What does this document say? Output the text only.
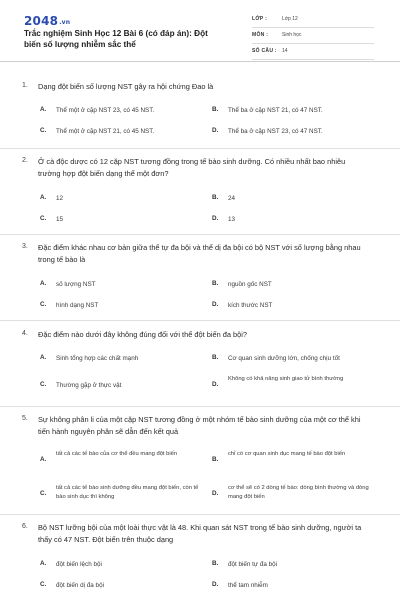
2048.vn
Trắc nghiệm Sinh Học 12 Bài 6 (có đáp án): Đột biến số lượng nhiễm sắc thể
LỚP :	Lớp 12
MÔN :	Sinh học
SỐ CÂU : 14
1. Dạng đột biến số lượng NST gây ra hội chứng Đao là
A. Thể một ở cặp NST 23, có 45 NST.	B. Thể ba ở cặp NST 21, có 47 NST.
C. Thể một ở cặp NST 21, có 45 NST.	D. Thể ba ở cặp NST 23, có 47 NST.
2. Ở cà độc dược có 12 cặp NST tương đồng trong tế bào sinh dưỡng. Có nhiều nhất bao nhiêu trường hợp đột biến dạng thể một đơn?
A. 12	B. 24
C. 15	D. 13
3. Đặc điểm khác nhau cơ bản giữa thể tự đa bội và thể dị đa bội có bộ NST với số lượng bằng nhau trong tế bào là
A. số lượng NST	B. nguồn gốc NST
C. hình dạng NST	D. kích thước NST
4. Đặc điểm nào dưới đây không đúng đối với thể đột biến đa bội?
A. Sinh tổng hợp các chất mạnh	B. Cơ quan sinh dưỡng lớn, chống chịu tốt
C. Thường gặp ở thực vật	D.
Không có khả năng sinh giao tử bình thường
5. Sự không phân li của một cặp NST tương đồng ở một nhóm tế bào sinh dưỡng của một cơ thể khi tiến hành nguyên phân sẽ dẫn đến kết quả
A.
tất cả các tế bào của cơ thể đều mang đột biến
B.
chỉ có cơ quan sinh dục mang tế bào đột biến
C.
tất cả các tế bào sinh dưỡng đều mang đột biến, còn tế bào sinh dục thì không	D.
cơ thể sẽ có 2 dòng tế bào: dòng bình thường và dòng mang đột biến
6. Bộ NST lưỡng bội của một loài thực vật là 48. Khi quan sát NST trong tế bào sinh dưỡng, người ta thấy có 47 NST. Đột biến trên thuộc dạng
A. đột biến lệch bội	B. đột biến tự đa bội
C. đột biến dị đa bội	D. thể tam nhiễm
